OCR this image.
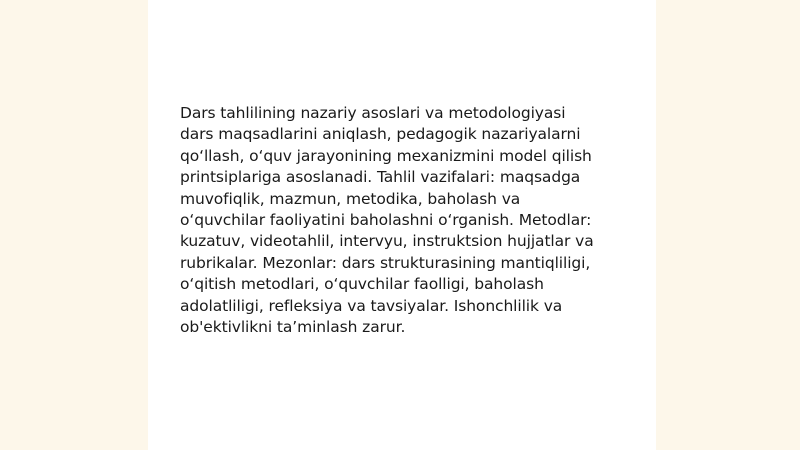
Dars tahlilining nazariy asoslari va metodologiyasi
dars maqsadlarini aniqlash, pedagogik nazariyalarni
qo‘llash, o‘quv jarayonining mexanizmini model qilish
printsiplariga asoslanadi. Tahlil vazifalari: maqsadga
muvofiqlik, mazmun, metodika, baholash va
o‘quvchilar faoliyatini baholashni o‘rganish. Metodlar:
kuzatuv, videotahlil, intervyu, instruktsion hujjatlar va
rubrikalar. Mezonlar: dars strukturasining mantiqliligi,
o‘qitish metodlari, o‘quvchilar faolligi, baholash
adolatliligi, refleksiya va tavsiyalar. Ishonchlilik va
ob'ektivlikni ta’minlash zarur.
